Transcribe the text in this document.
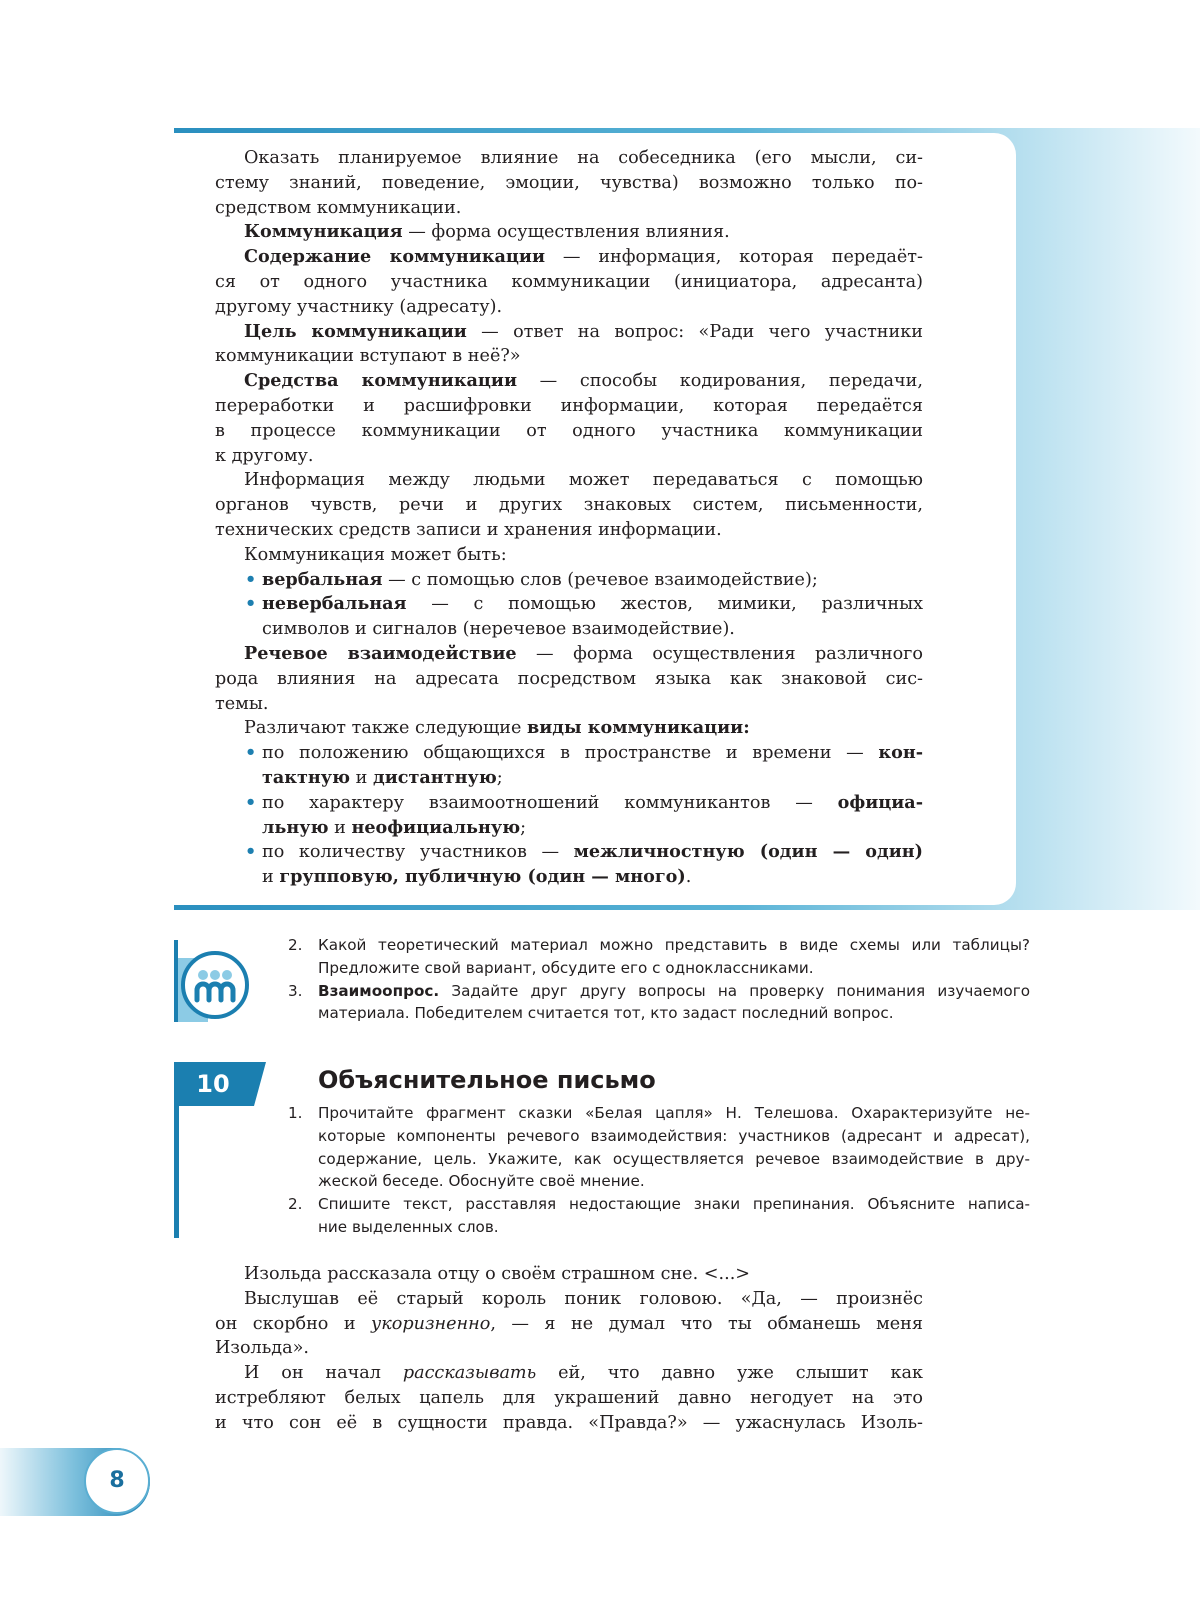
Оказать планируемое влияние на собеседника (его мысли, си-
стему знаний, поведение, эмоции, чувства) возможно только по-
средством коммуникации.
Коммуникация — форма осуществления влияния.
Содержание коммуникации — информация, которая передаёт-
ся от одного участника коммуникации (инициатора, адресанта)
другому участнику (адресату).
Цель коммуникации — ответ на вопрос: «Ради чего участники
коммуникации вступают в неё?»
Средства коммуникации — способы кодирования, передачи,
переработки и расшифровки информации, которая передаётся
в процессе коммуникации от одного участника коммуникации
к другому.
Информация между людьми может передаваться с помощью
органов чувств, речи и других знаковых систем, письменности,
технических средств записи и хранения информации.
Коммуникация может быть:
• вербальная — с помощью слов (речевое взаимодействие);
• невербальная — с помощью жестов, мимики, различных
символов и сигналов (неречевое взаимодействие).
Речевое взаимодействие — форма осуществления различного
рода влияния на адресата посредством языка как знаковой сис-
темы.
Различают также следующие виды коммуникации:
• по положению общающихся в пространстве и времени — кон-
тактную и дистантную;
• по характеру взаимоотношений коммуникантов — официа-
льную и неофициальную;
• по количеству участников — межличностную (один — один)
и групповую, публичную (один — много).
2. Какой теоретический материал можно представить в виде схемы или таблицы?
Предложите свой вариант, обсудите его с одноклассниками.
3. Взаимоопрос. Задайте друг другу вопросы на проверку понимания изучаемого
материала. Победителем считается тот, кто задаст последний вопрос.
10	Объяснительное письмо
1. Прочитайте фрагмент сказки «Белая цапля» Н. Телешова. Охарактеризуйте не-
которые компоненты речевого взаимодействия: участников (адресант и адресат),
содержание, цель. Укажите, как осуществляется речевое взаимодействие в дру-
жеской беседе. Обоснуйте своё мнение.
2. Спишите текст, расставляя недостающие знаки препинания. Объясните написа-
ние выделенных слов.
Изольда рассказала отцу о своём страшном сне. <...>
Выслушав её старый король поник головою. «Да, — произнёс
он скорбно и укоризненно, — я не думал что ты обманешь меня
Изольда».
И он начал рассказывать ей, что давно уже слышит как
истребляют белых цапель для украшений давно негодует на это
и что сон её в сущности правда. «Правда?» — ужаснулась Изоль-
8
